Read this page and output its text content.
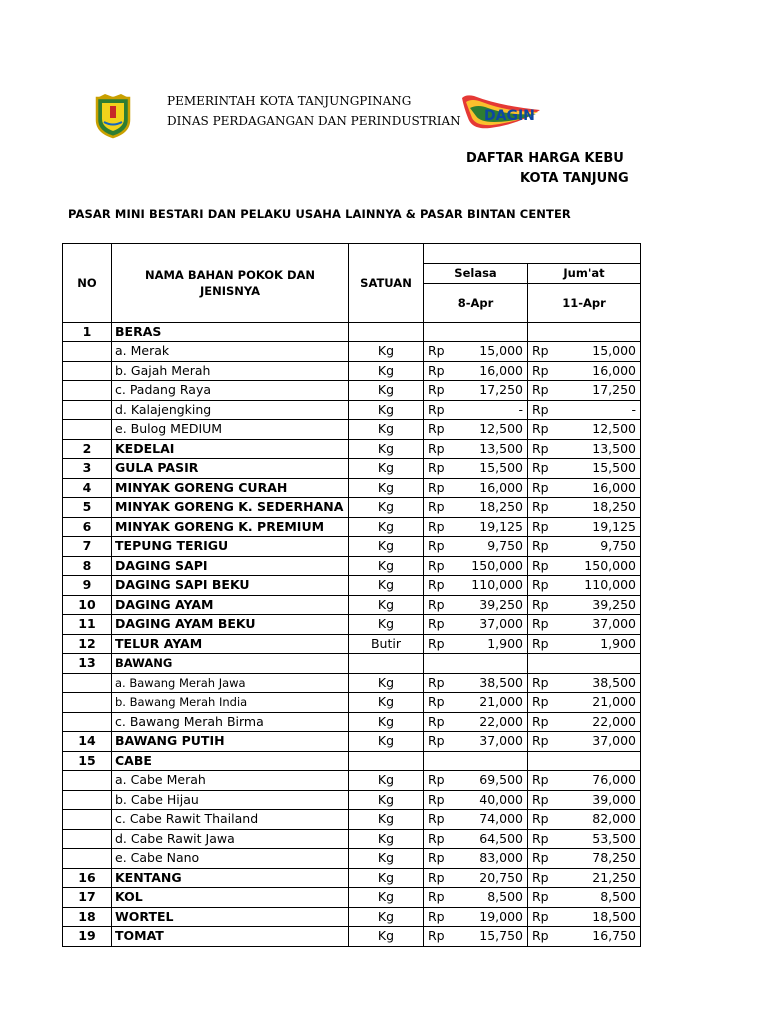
PEMERINTAH KOTA TANJUNGPINANG
DINAS PERDAGANGAN DAN PERINDUSTRIAN DAGIN
DAFTAR HARGA KEBU
KOTA TANJUNG
PASAR MINI BESTARI DAN PELAKU USAHA LAINNYA & PASAR BINTAN CENTER
NO	NAMA BAHAN POKOK DAN JENISNYA	SATUAN				
			Selasa		Jum'at	
			8-Apr		11-Apr	
1	BERAS					
	a. Merak	Kg	Rp	15,000	Rp	15,000
	b. Gajah Merah	Kg	Rp	16,000	Rp	16,000
	c. Padang Raya	Kg	Rp	17,250	Rp	17,250
	d. Kalajengking	Kg	Rp	-	Rp	-
	e. Bulog MEDIUM	Kg	Rp	12,500	Rp	12,500
2	KEDELAI	Kg	Rp	13,500	Rp	13,500
3	GULA PASIR	Kg	Rp	15,500	Rp	15,500
4	MINYAK GORENG CURAH	Kg	Rp	16,000	Rp	16,000
5	MINYAK GORENG K. SEDERHANA	Kg	Rp	18,250	Rp	18,250
6	MINYAK GORENG K. PREMIUM	Kg	Rp	19,125	Rp	19,125
7	TEPUNG TERIGU	Kg	Rp	9,750	Rp	9,750
8	DAGING SAPI	Kg	Rp	150,000	Rp	150,000
9	DAGING SAPI BEKU	Kg	Rp	110,000	Rp	110,000
10	DAGING AYAM	Kg	Rp	39,250	Rp	39,250
11	DAGING AYAM BEKU	Kg	Rp	37,000	Rp	37,000
12	TELUR AYAM	Butir	Rp	1,900	Rp	1,900
13	BAWANG					
	a. Bawang Merah Jawa	Kg	Rp	38,500	Rp	38,500
	b. Bawang Merah India	Kg	Rp	21,000	Rp	21,000
	c. Bawang Merah Birma	Kg	Rp	22,000	Rp	22,000
14	BAWANG PUTIH	Kg	Rp	37,000	Rp	37,000
15	CABE					
	a. Cabe Merah	Kg	Rp	69,500	Rp	76,000
	b. Cabe Hijau	Kg	Rp	40,000	Rp	39,000
	c. Cabe Rawit Thailand	Kg	Rp	74,000	Rp	82,000
	d. Cabe Rawit Jawa	Kg	Rp	64,500	Rp	53,500
	e. Cabe Nano	Kg	Rp	83,000	Rp	78,250
16	KENTANG	Kg	Rp	20,750	Rp	21,250
17	KOL	Kg	Rp	8,500	Rp	8,500
18	WORTEL	Kg	Rp	19,000	Rp	18,500
19	TOMAT	Kg	Rp	15,750	Rp	16,750
